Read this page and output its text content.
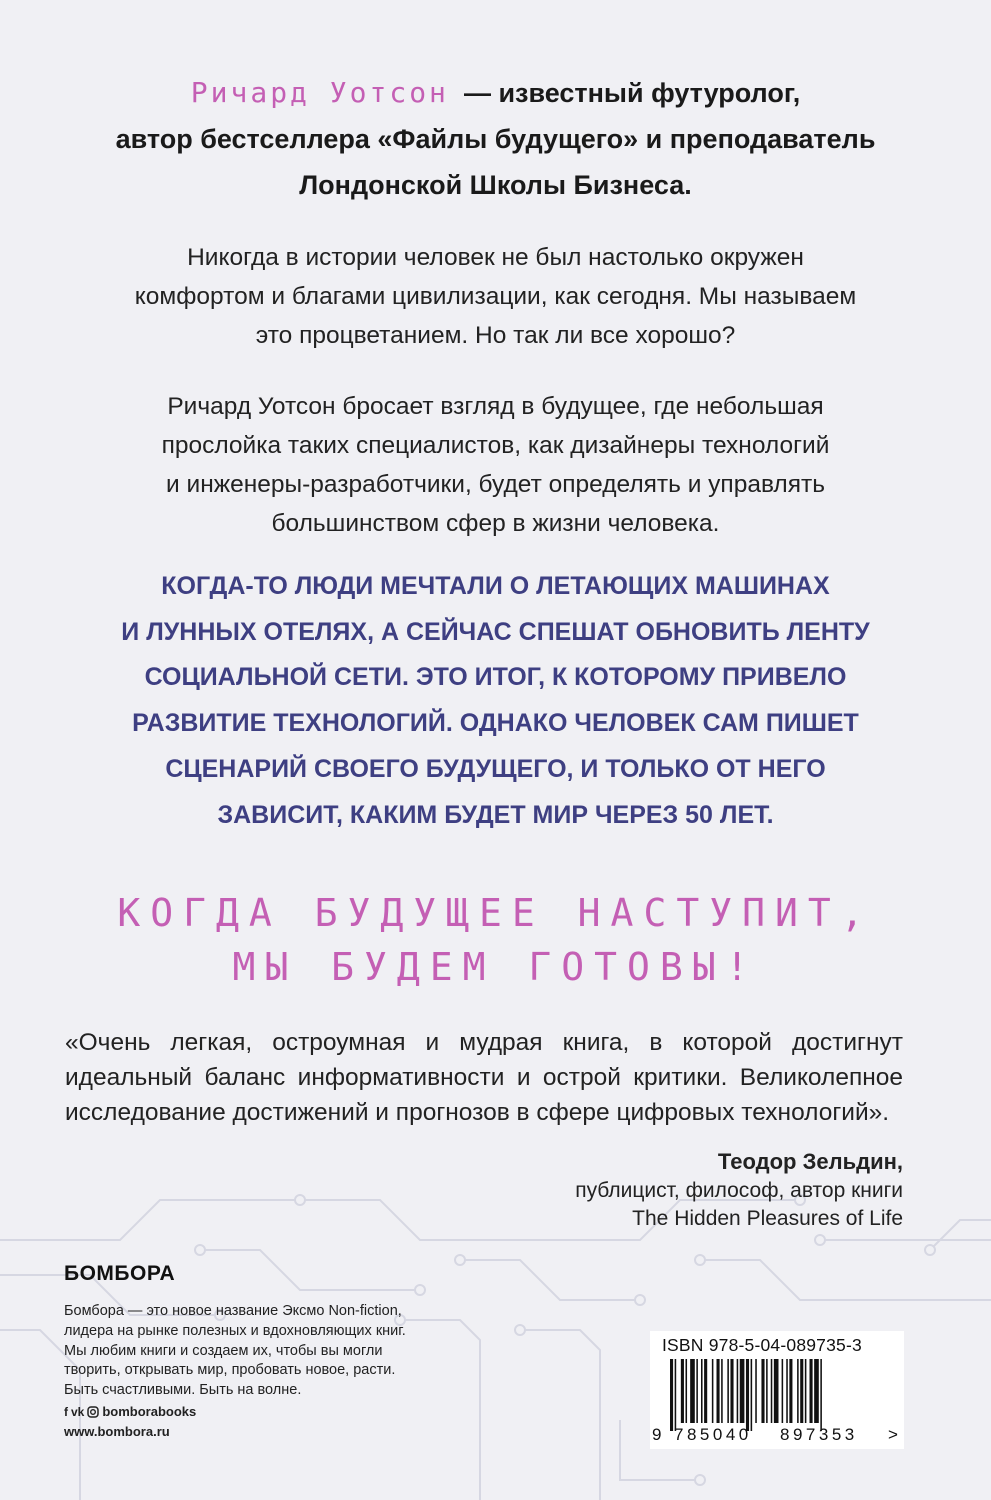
Ричард Уотсон — известный футуролог,
автор бестселлера «Файлы будущего» и преподаватель
Лондонской Школы Бизнеса.
Никогда в истории человек не был настолько окружен
комфортом и благами цивилизации, как сегодня. Мы называем
это процветанием. Но так ли все хорошо?
Ричард Уотсон бросает взгляд в будущее, где небольшая
прослойка таких специалистов, как дизайнеры технологий
и инженеры-разработчики, будет определять и управлять
большинством сфер в жизни человека.
КОГДА-ТО ЛЮДИ МЕЧТАЛИ О ЛЕТАЮЩИХ МАШИНАХ
И ЛУННЫХ ОТЕЛЯХ, А СЕЙЧАС СПЕШАТ ОБНОВИТЬ ЛЕНТУ
СОЦИАЛЬНОЙ СЕТИ. ЭТО ИТОГ, К КОТОРОМУ ПРИВЕЛО
РАЗВИТИЕ ТЕХНОЛОГИЙ. ОДНАКО ЧЕЛОВЕК САМ ПИШЕТ
СЦЕНАРИЙ СВОЕГО БУДУЩЕГО, И ТОЛЬКО ОТ НЕГО
ЗАВИСИТ, КАКИМ БУДЕТ МИР ЧЕРЕЗ 50 ЛЕТ.
КОГДА БУДУЩЕЕ НАСТУПИТ,
МЫ БУДЕМ ГОТОВЫ!
«Очень легкая, остроумная и мудрая книга, в которой достигнут идеальный баланс информативности и острой критики. Великолепное исследование достижений и прогнозов в сфере цифровых технологий».
Теодор Зельдин,
публицист, философ, автор книги
The Hidden Pleasures of Life
БОМБОРА
Бомбора — это новое название Эксмо Non-fiction,
лидера на рынке полезных и вдохновляющих книг.
Мы любим книги и создаем их, чтобы вы могли
творить, открывать мир, пробовать новое, расти.
Быть счастливыми. Быть на волне.
f vk bomborabooks
www.bombora.ru
ISBN 978-5-04-089735-3
9 785040 897353 >
